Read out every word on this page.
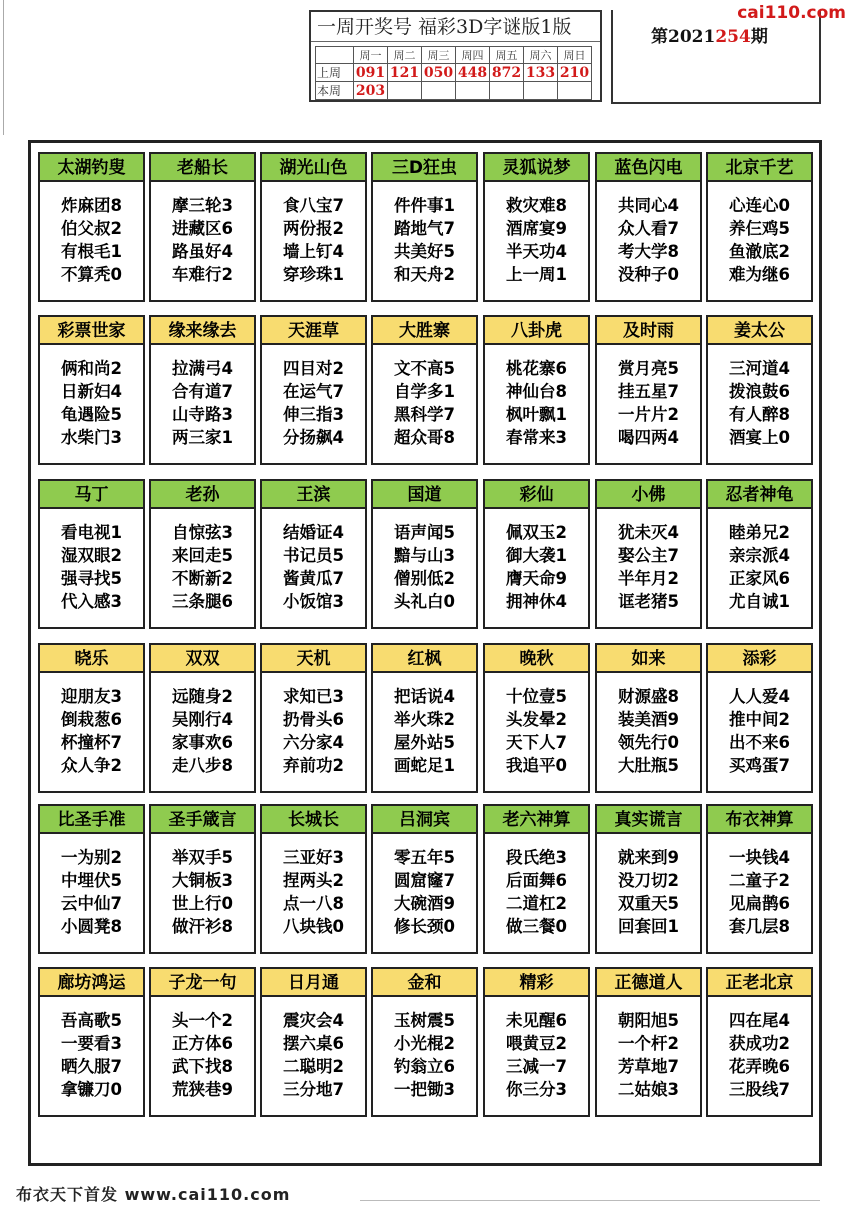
一周开奖号 福彩3D字谜版1版
	周一	周二	周三	周四	周五	周六	周日
上周	091	121	050	448	872	133	210
本周	203						
第2021254期
cai110.com
太湖钓叟
炸麻团8
伯父叔2
有根毛1
不算秃0
老船长
摩三轮3
进藏区6
路虽好4
车难行2
湖光山色
食八宝7
两份报2
墙上钉4
穿珍珠1
三D狂虫
件件事1
踏地气7
共美好5
和天舟2
灵狐说梦
救灾难8
酒席宴9
半天功4
上一周1
蓝色闪电
共同心4
众人看7
考大学8
没种子0
北京千艺
心连心0
养仨鸡5
鱼澈底2
难为继6
彩票世家
俩和尚2
日新妇4
龟遇险5
水柴门3
缘来缘去
拉满弓4
合有道7
山寺路3
两三家1
天涯草
四目对2
在运气7
伸三指3
分扬飙4
大胜寨
文不高5
自学多1
黑科学7
超众哥8
八卦虎
桃花寨6
神仙台8
枫叶飘1
春常来3
及时雨
赏月亮5
挂五星7
一片片2
喝四两4
姜太公
三河道4
拨浪鼓6
有人醉8
酒宴上0
马丁
看电视1
湿双眼2
强寻找5
代入感3
老孙
自惊弦3
来回走5
不断新2
三条腿6
王滨
结婚证4
书记员5
酱黄瓜7
小饭馆3
国道
语声闻5
黯与山3
僧别低2
头礼白0
彩仙
佩双玉2
御大袭1
膺天命9
拥神休4
小佛
犹未灭4
娶公主7
半年月2
诓老猪5
忍者神龟
睦弟兄2
亲宗派4
正家风6
尤自诚1
晓乐
迎朋友3
倒栽葱6
杯撞杯7
众人争2
双双
远随身2
吴刚行4
家事欢6
走八步8
天机
求知已3
扔骨头6
六分家4
弃前功2
红枫
把话说4
举火珠2
屋外站5
画蛇足1
晚秋
十位壹5
头发晕2
天下人7
我追平0
如来
财源盛8
装美酒9
领先行0
大肚瓶5
添彩
人人爱4
推中间2
出不来6
买鸡蛋7
比圣手准
一为别2
中埋伏5
云中仙7
小圆凳8
圣手箴言
举双手5
大铜板3
世上行0
做汗衫8
长城长
三亚好3
捏两头2
点一八8
八块钱0
吕洞宾
零五年5
圆窟窿7
大碗酒9
修长颈0
老六神算
段氏绝3
后面舞6
二道杠2
做三餐0
真实谎言
就来到9
没刀切2
双重天5
回套回1
布衣神算
一块钱4
二童子2
见扁鹊6
套几层8
廊坊鸿运
吾高歌5
一要看3
晒久服7
拿镰刀0
子龙一句
头一个2
正方体6
武下找8
荒狭巷9
日月通
震灾会4
摆六桌6
二聪明2
三分地7
金和
玉树震5
小光棍2
钓翁立6
一把锄3
精彩
未见醒6
喂黄豆2
三减一7
你三分3
正德道人
朝阳旭5
一个杆2
芳草地7
二姑娘3
正老北京
四在尾4
获成功2
花弄晚6
三股线7
布衣天下首发 www.cai110.com
